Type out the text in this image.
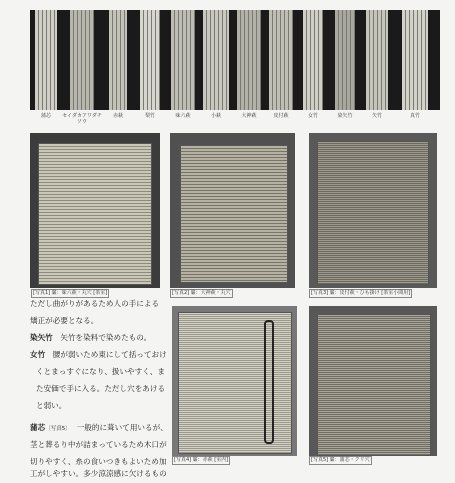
蒲芯	セイダカアワダチソウ
赤萩	梨竹	味六萩	小萩	大神萩	皮付萩	女竹	染矢竹	矢竹	真竹
[写真1] 簾：味六萩・丸穴 [茶室]	[写真2] 簾：大神萩・丸穴	[写真3] 簾：皮付萩・ひも掛け [茶室小間用]
[写真4] 簾：赤萩 [室内]	[写真5] 簾：蒲芯・クリ穴
ただし曲がりがあるため人の手による
矯正が必要となる。
染矢竹　矢竹を染料で染めたもの。
女竹　腰が弱いため東にして括っておけ
くとまっすぐになり、扱いやすく、ま
た安価で手に入る。ただし穴をあける
と弱い。
蒲芯〔写真5〕 一般的に葺いて用いるが、
茎と葬るり中が詰まっているため木口が
切りやすく、糸の食いつきもよいため加
工がしやすい。多少涼涼感に欠けるもの
